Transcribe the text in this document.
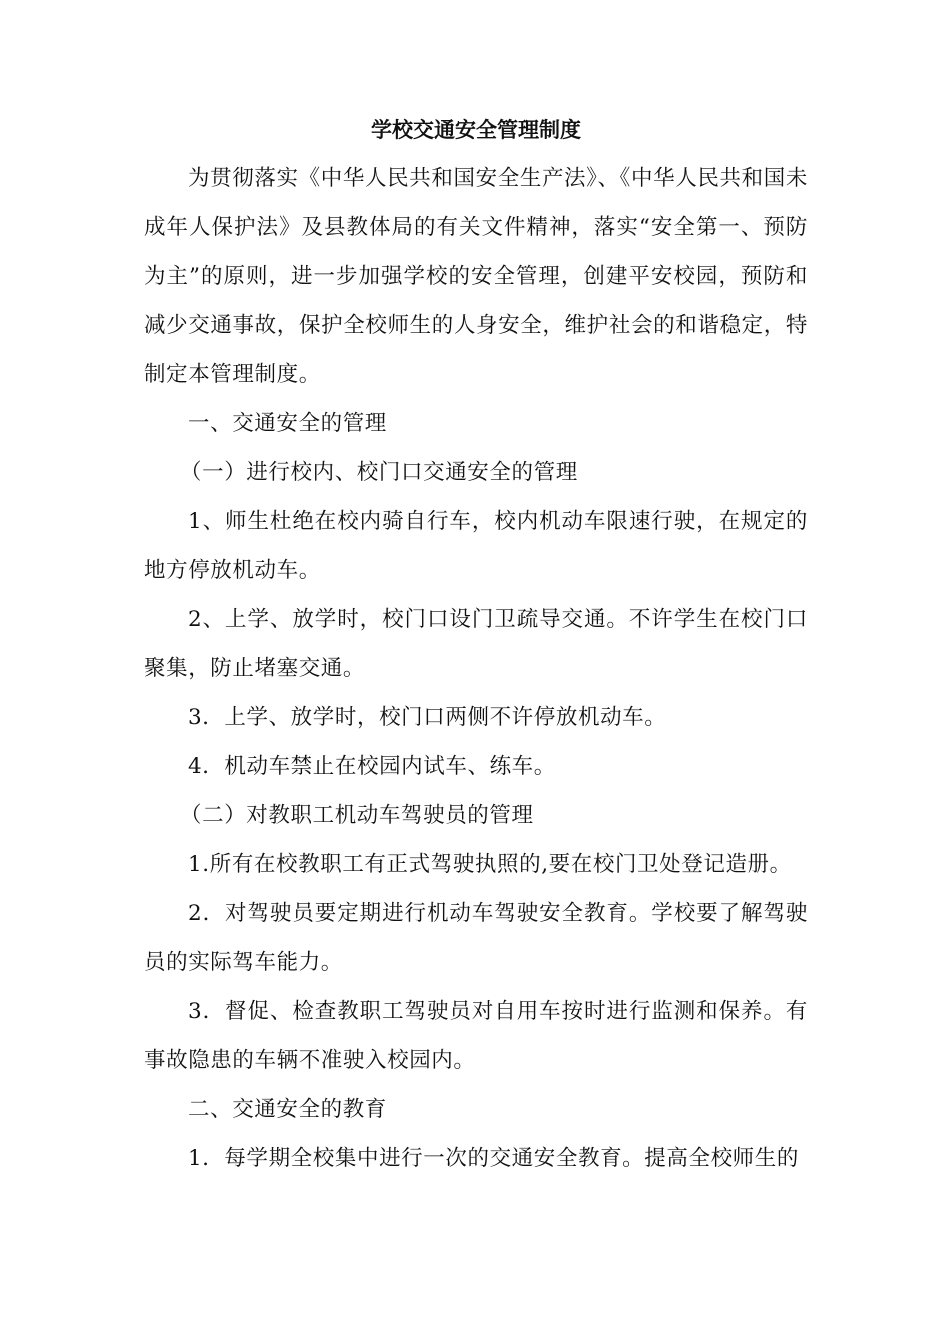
学校交通安全管理制度

为贯彻落实《中华人民共和国安全生产法》、《中华人民共和国未成年人保护法》及县教体局的有关文件精神，落实“安全第一、预防为主”的原则，进一步加强学校的安全管理，创建平安校园，预防和减少交通事故，保护全校师生的人身安全，维护社会的和谐稳定，特制定本管理制度。

一、交通安全的管理

（一）进行校内、校门口交通安全的管理

1、师生杜绝在校内骑自行车，校内机动车限速行驶，在规定的地方停放机动车。

2、上学、放学时，校门口设门卫疏导交通。不许学生在校门口聚集，防止堵塞交通。

3．上学、放学时，校门口两侧不许停放机动车。

4．机动车禁止在校园内试车、练车。

（二）对教职工机动车驾驶员的管理

1.所有在校教职工有正式驾驶执照的,要在校门卫处登记造册。

2．对驾驶员要定期进行机动车驾驶安全教育。学校要了解驾驶员的实际驾车能力。

3．督促、检查教职工驾驶员对自用车按时进行监测和保养。有事故隐患的车辆不准驶入校园内。

二、交通安全的教育

1．每学期全校集中进行一次的交通安全教育。提高全校师生的
